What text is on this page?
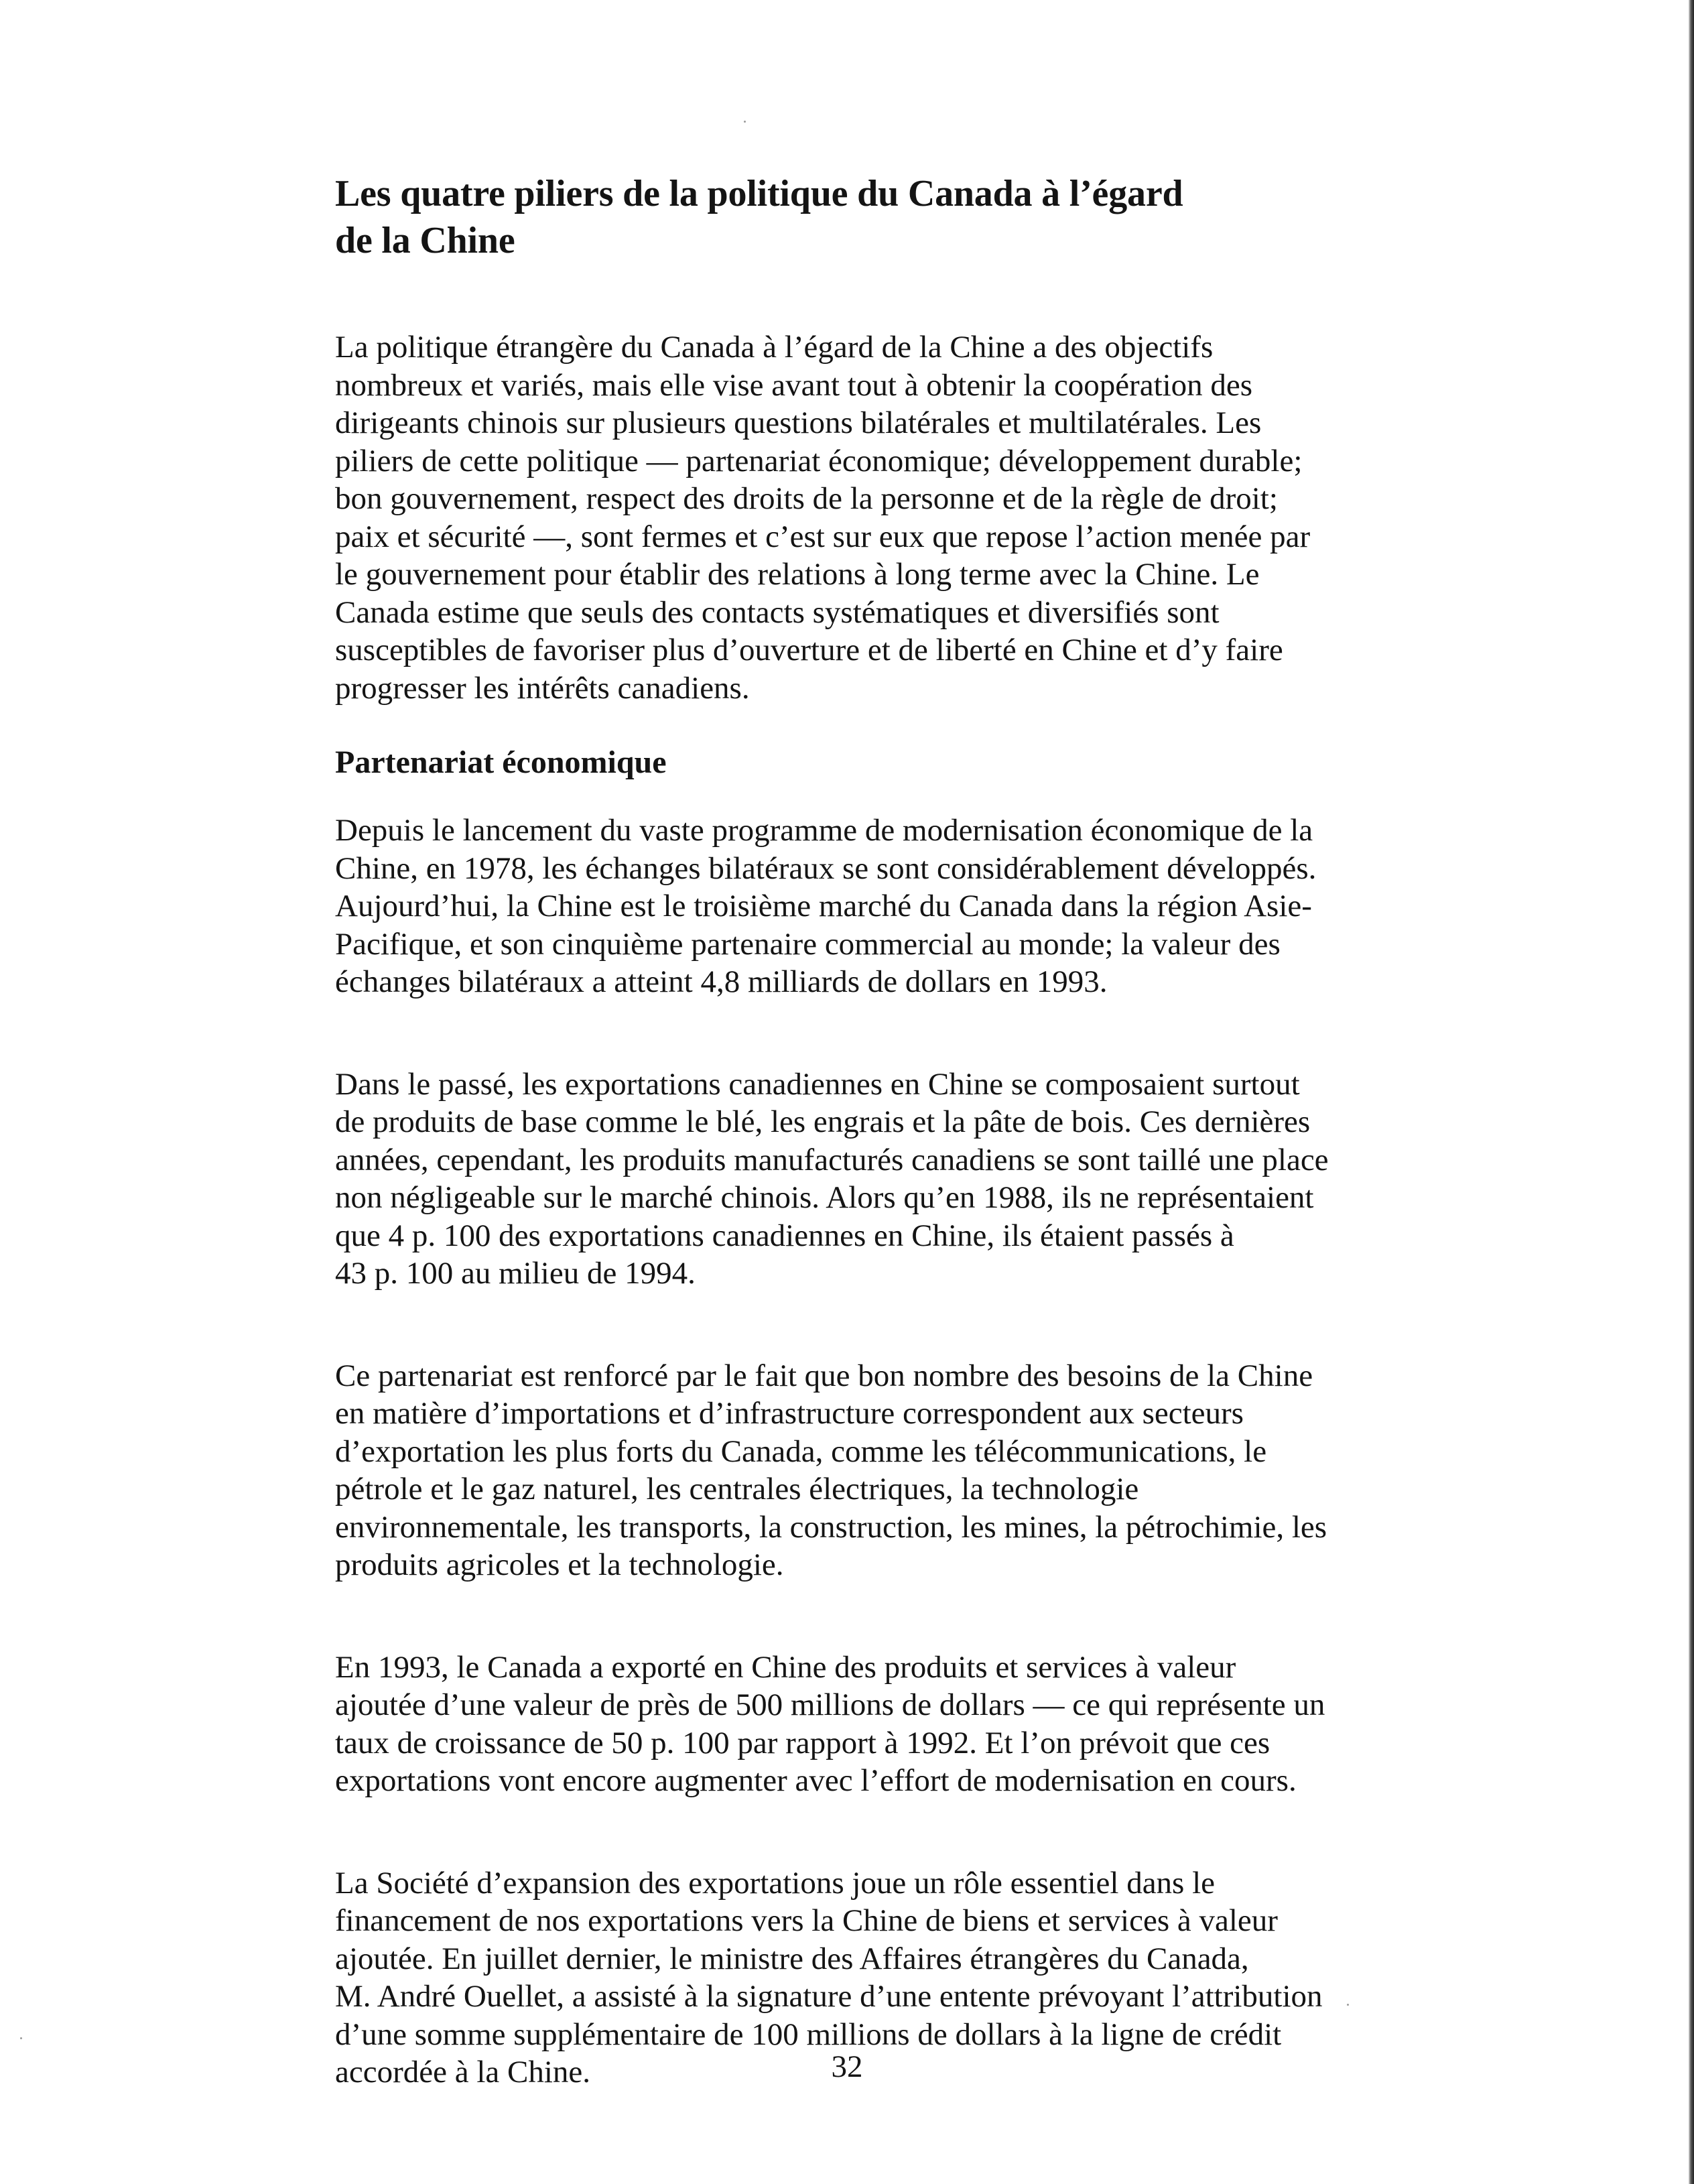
Les quatre piliers de la politique du Canada à l’égard
de la Chine

La politique étrangère du Canada à l’égard de la Chine a des objectifs
nombreux et variés, mais elle vise avant tout à obtenir la coopération des
dirigeants chinois sur plusieurs questions bilatérales et multilatérales. Les
piliers de cette politique — partenariat économique; développement durable;
bon gouvernement, respect des droits de la personne et de la règle de droit;
paix et sécurité —, sont fermes et c’est sur eux que repose l’action menée par
le gouvernement pour établir des relations à long terme avec la Chine. Le
Canada estime que seuls des contacts systématiques et diversifiés sont
susceptibles de favoriser plus d’ouverture et de liberté en Chine et d’y faire
progresser les intérêts canadiens.

Partenariat économique

Depuis le lancement du vaste programme de modernisation économique de la
Chine, en 1978, les échanges bilatéraux se sont considérablement développés.
Aujourd’hui, la Chine est le troisième marché du Canada dans la région Asie-
Pacifique, et son cinquième partenaire commercial au monde; la valeur des
échanges bilatéraux a atteint 4,8 milliards de dollars en 1993.

Dans le passé, les exportations canadiennes en Chine se composaient surtout
de produits de base comme le blé, les engrais et la pâte de bois. Ces dernières
années, cependant, les produits manufacturés canadiens se sont taillé une place
non négligeable sur le marché chinois. Alors qu’en 1988, ils ne représentaient
que 4 p. 100 des exportations canadiennes en Chine, ils étaient passés à
43 p. 100 au milieu de 1994.

Ce partenariat est renforcé par le fait que bon nombre des besoins de la Chine
en matière d’importations et d’infrastructure correspondent aux secteurs
d’exportation les plus forts du Canada, comme les télécommunications, le
pétrole et le gaz naturel, les centrales électriques, la technologie
environnementale, les transports, la construction, les mines, la pétrochimie, les
produits agricoles et la technologie.

En 1993, le Canada a exporté en Chine des produits et services à valeur
ajoutée d’une valeur de près de 500 millions de dollars — ce qui représente un
taux de croissance de 50 p. 100 par rapport à 1992. Et l’on prévoit que ces
exportations vont encore augmenter avec l’effort de modernisation en cours.

La Société d’expansion des exportations joue un rôle essentiel dans le
financement de nos exportations vers la Chine de biens et services à valeur
ajoutée. En juillet dernier, le ministre des Affaires étrangères du Canada,
M. André Ouellet, a assisté à la signature d’une entente prévoyant l’attribution
d’une somme supplémentaire de 100 millions de dollars à la ligne de crédit
accordée à la Chine.	32
